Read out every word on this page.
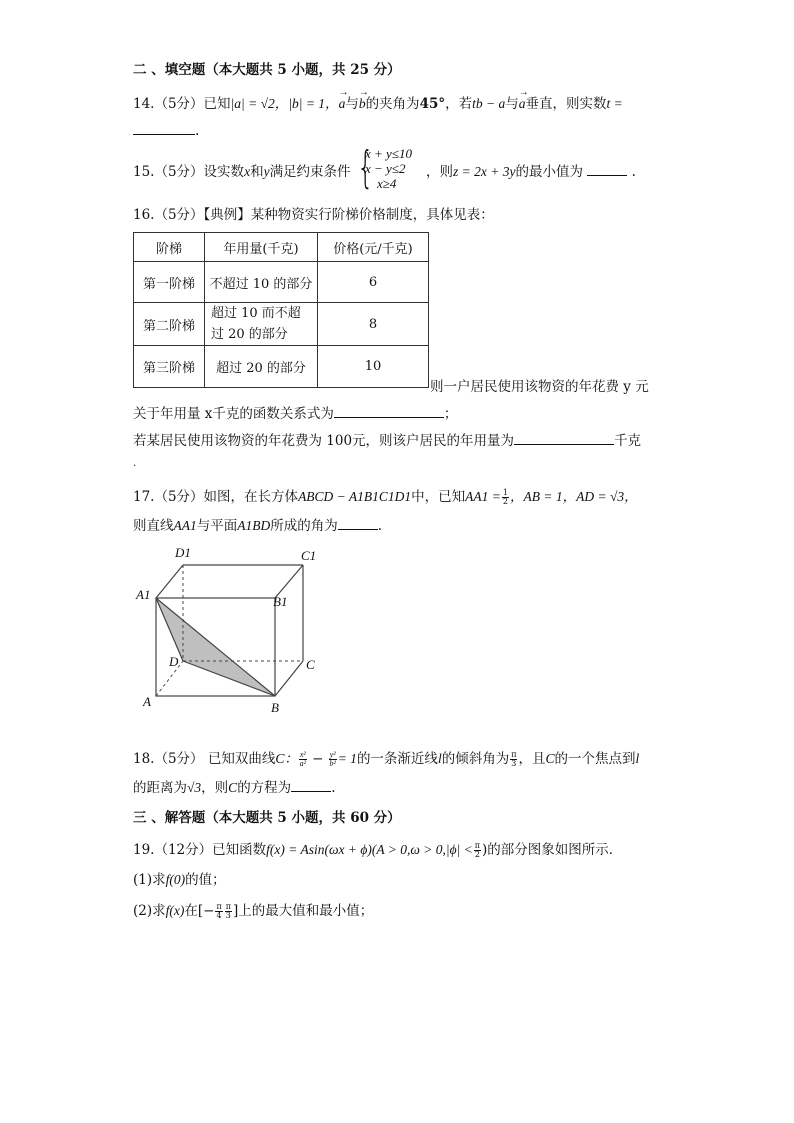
二 、填空题（本大题共 5 小题，共 25 分）
14.（5分）已知|a| = √2，|b| = 1，→ a与→ b的夹角为45°，若tb − a与→ a垂直，则实数t =
.
15.（5分）设实数x和y满足约束条件 {
x + y≤10
x − y≤2
x≥4
，则z = 2x + 3y的最小值为	.
16.（5分）【典例】某种物资实行阶梯价格制度，具体见表：
阶梯	年用量(千克)	价格(元/千克)
第一阶梯	不超过 10 的部分	6
第二阶梯	超过 10 而不超
过 20 的部分	8
第三阶梯	超过 20 的部分	10
则一户居民使用该物资的年花费 y 元
关于年用量 x千克的函数关系式为	；
若某居民使用该物资的年花费为 100元，则该户居民的年用量为	千克
.
17.（5分）如图，在长方体ABCD − A1B1C1D1中，已知$AA1 = \frac{1}{2}$ ，AB = 1，AD = √3，
则直线AA1与平面A1BD所成的角为	.
D1	C1
A1	B1
D	C
A	B
18.（5分） 已知双曲线C： $\frac{\text{x²}}{\text{a²}} - \frac{\text{y²}}{\text{b²}} = 1$的一条渐近线l的倾斜角为 $\frac{\pi}{3}$ ，且C的一个焦点到l
的距离为√3，则C的方程为	.
三 、解答题（本大题共 5 小题，共 60 分）
19.（12分）已知函数$f(x) = Asin(\omega x + \phi)(A > 0,\omega > 0,|\phi| < \frac{\pi}{2}$ )的部分图象如图所示．
(1)求f(0)的值；
(2)求f(x)在[− $\frac{\pi}{4} \frac{\pi}{3}$ ]上的最大值和最小值；
